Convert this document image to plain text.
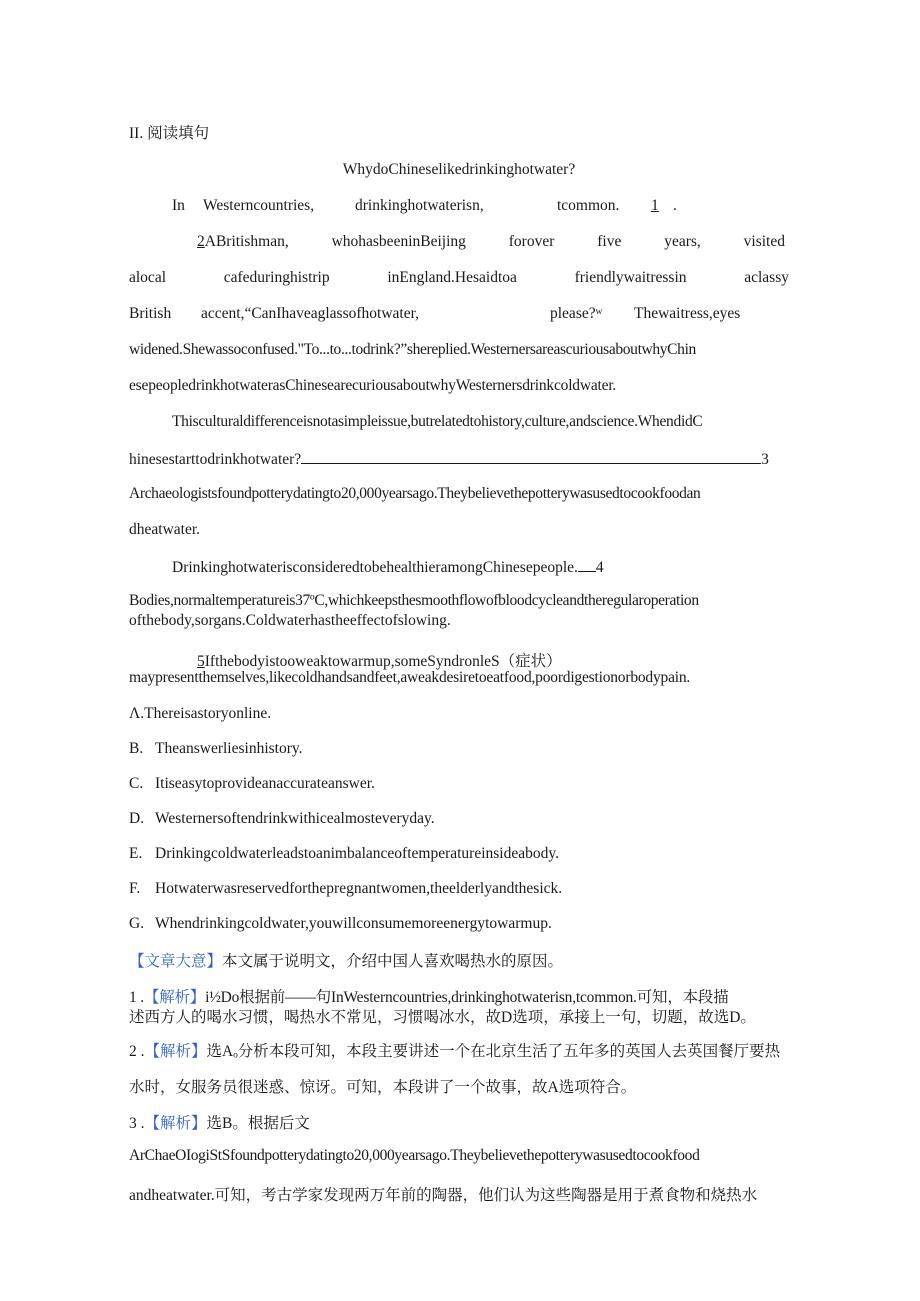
II. 阅读填句
WhydoChineselikedrinkinghotwater?
In Westerncountries,	drinkinghotwaterisn,	tcommon. 1 .
2ABritishman,	whohasbeeninBeijing	forover	five	years,	visited
alocal	cafeduringhistrip	inEngland.Hesaidtoa	friendlywaitressin	aclassy
British accent,“CanIhaveaglassofhotwater,	please?ʷ Thewaitress,eyes
widened.Shewassoconfused."To...to...todrink?”shereplied.WesternersarеascuriousaboutwhyChin
esepeopledrinkhotwaterasChinesearecuriousaboutwhyWesternersdrinkcoldwater.
Thisculturaldifferenceisnotasimpleissue,butrelatedtohistory,culture,andscience.WhendidC
hinesestarttodrinkhotwater?	3
Archaeologistsfoundpotterydatingto20,000yearsago.Theybelievethepotterywasusedtocookfoodan
dheatwater.
DrinkinghotwaterisconsideredtobehealthieramongChinesepeople. 4
Bodies,normaltemperatureis37ºC,whichkeepsthesmoothflowofbloodcycleandtheregularoperation
ofthebody,sorgans.Coldwaterhastheeffectofslowing.
5Ifthebodyistooweaktowarmup,someSyndronleS（症状）
maypresentthemselves,likecoldhandsandfeet,aweakdesiretoeatfood,poordigestionorbodypain.
Λ.Thereisastoryonline.
B. Theanswerliesinhistory.
C. Itiseasytoprovideanaccurateanswer.
D. Westernersoftendrinkwithicealmosteveryday.
E. Drinkingcoldwaterleadstoanimbalanceoftemperatureinsideabody.
F. Hotwaterwasreservedforthepregnantwomen,theelderlyandthesick.
G. Whendrinkingcoldwater,youwillconsumemoreenergytowarmup.
【文章大意】本文属于说明文，介绍中国人喜欢喝热水的原因。
1 .【解析】i½Do根据前——句InWesterncountries,drinkinghotwaterisn,tcommon.可知，本段描
述西方人的喝水习惯，喝热水不常见，习惯喝冰水，故D选项，承接上一句，切题，故选D。
2 .【解析】选Aₒ分析本段可知，本段主要讲述一个在北京生活了五年多的英国人去英国餐厅要热
水时，女服务员很迷惑、惊讶。可知，本段讲了一个故事，故A选项符合。
3 .【解析】选B。根据后文
ArChaeOIogiStSfoundpotterydatingto20,000yearsago.Theybelievethepotterywasusedtocookfood
andheatwater.可知，考古学家发现两万年前的陶器，他们认为这些陶器是用于煮食物和烧热水
